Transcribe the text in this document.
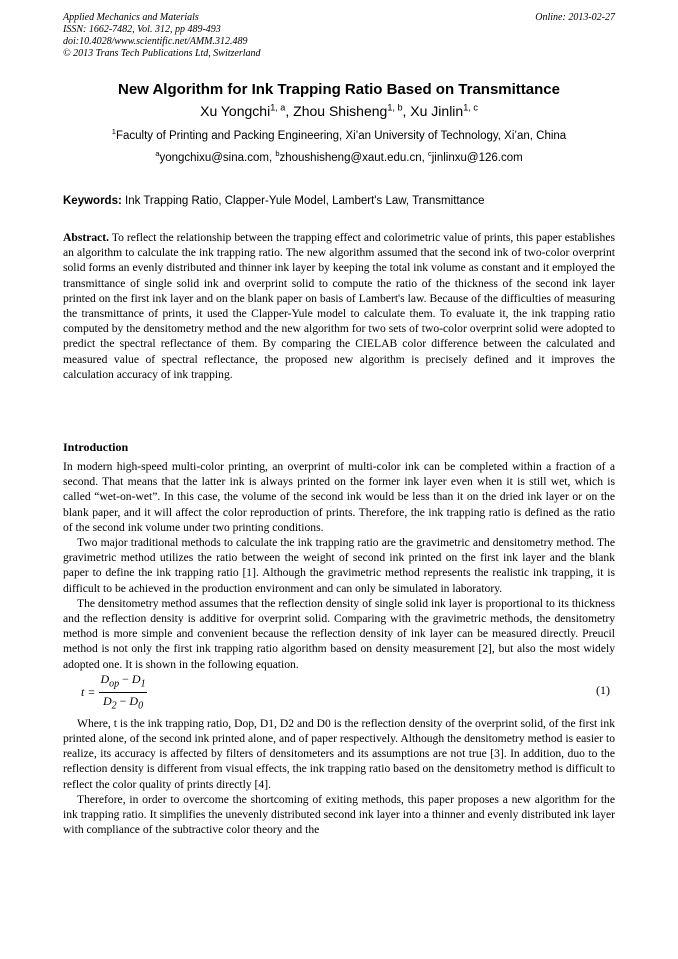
Applied Mechanics and Materials
ISSN: 1662-7482, Vol. 312, pp 489-493
doi:10.4028/www.scientific.net/AMM.312.489
© 2013 Trans Tech Publications Ltd, Switzerland
Online: 2013-02-27
New Algorithm for Ink Trapping Ratio Based on Transmittance
Xu Yongchi$^{1, a}$, Zhou Shisheng$^{1, b}$, Xu Jinlin$^{1, c}$
$^1$Faculty of Printing and Packing Engineering, Xi’an University of Technology, Xi’an, China
$^a$yongchixu@sina.com, $^b$zhoushisheng@xaut.edu.cn, $^c$jinlinxu@126.com
Keywords: Ink Trapping Ratio, Clapper-Yule Model, Lambert's Law, Transmittance
Abstract. To reflect the relationship between the trapping effect and colorimetric value of prints, this paper establishes an algorithm to calculate the ink trapping ratio. The new algorithm assumed that the second ink of two-color overprint solid forms an evenly distributed and thinner ink layer by keeping the total ink volume as constant and it employed the transmittance of single solid ink and overprint solid to compute the ratio of the thickness of the second ink layer printed on the first ink layer and on the blank paper on basis of Lambert's law. Because of the difficulties of measuring the transmittance of prints, it used the Clapper-Yule model to calculate them. To evaluate it, the ink trapping ratio computed by the densitometry method and the new algorithm for two sets of two-color overprint solid were adopted to predict the spectral reflectance of them. By comparing the CIELAB color difference between the calculated and measured value of spectral reflectance, the proposed new algorithm is precisely defined and it improves the calculation accuracy of ink trapping.
Introduction

In modern high-speed multi-color printing, an overprint of multi-color ink can be completed within a fraction of a second. That means that the latter ink is always printed on the former ink layer even when it is still wet, which is called “wet-on-wet”. In this case, the volume of the second ink would be less than it on the dried ink layer or on the blank paper, and it will affect the color reproduction of prints. Therefore, the ink trapping ratio is defined as the ratio of the second ink volume under two printing conditions.

Two major traditional methods to calculate the ink trapping ratio are the gravimetric and densitometry method. The gravimetric method utilizes the ratio between the weight of second ink printed on the first ink layer and the blank paper to define the ink trapping ratio [1]. Although the gravimetric method represents the realistic ink trapping, it is difficult to be achieved in the production environment and can only be simulated in laboratory.

The densitometry method assumes that the reflection density of single solid ink layer is proportional to its thickness and the reflection density is additive for overprint solid. Comparing with the gravimetric methods, the densitometry method is more simple and convenient because the reflection density of ink layer can be measured directly. Preucil method is not only the first ink trapping ratio algorithm based on density measurement [2], but also the most widely adopted one. It is shown in the following equation.

t =
$D_{op} - D_1$
$D_2 - D_0$
(1)

Where, t is the ink trapping ratio, Dop, D1, D2 and D0 is the reflection density of the overprint solid, of the first ink printed alone, of the second ink printed alone, and of paper respectively. Although the densitometry method is easier to realize, its accuracy is affected by filters of densitometers and its assumptions are not true [3]. In addition, duo to the reflection density is different from visual effects, the ink trapping ratio based on the densitometry method is difficult to reflect the color quality of prints directly [4].

Therefore, in order to overcome the shortcoming of exiting methods, this paper proposes a new algorithm for the ink trapping ratio. It simplifies the unevenly distributed second ink layer into a thinner and evenly distributed ink layer with compliance of the subtractive color theory and the
